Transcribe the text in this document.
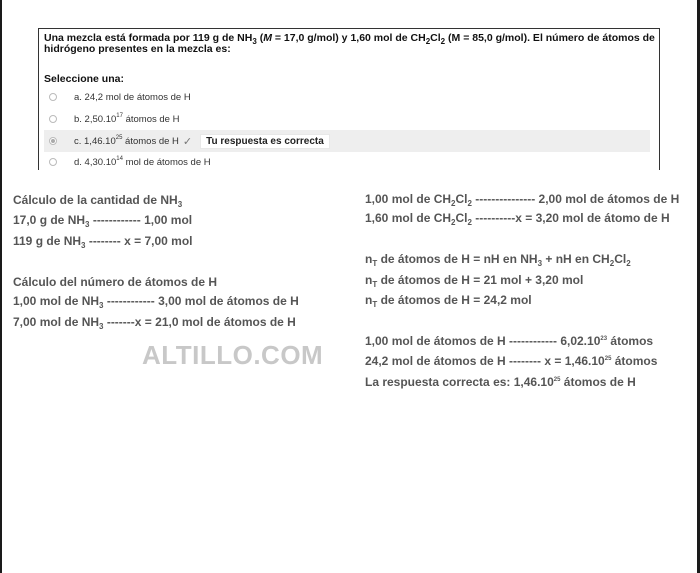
Una mezcla está formada por 119 g de $NH_3$ (M = 17,0 g/mol) y 1,60 mol de $CH_2Cl_2$ (M = 85,0 g/mol). El número de átomos de hidrógeno presentes en la mezcla es:
Seleccione una:
a. 24,2 mol de átomos de H
b. 2,50.10$^{17}$ átomos de H
c. 1,46.10$^{25}$ átomos de H ✓	Tu respuesta es correcta
d. 4,30.10$^{14}$ mol de átomos de H
Cálculo de la cantidad de $NH_3$
17,0 g de $NH_3$ ------------ 1,00 mol
119 g de $NH_3$ -------- x = 7,00 mol
Cálculo del número de átomos de H
1,00 mol de $NH_3$ ------------ 3,00 mol de átomos de H
7,00 mol de $NH_3$ -------x = 21,0 mol de átomos de H
ALTILLO.COM
1,00 mol de $CH_2Cl_2$ --------------- 2,00 mol de átomos de H
1,60 mol de $CH_2Cl_2$ ----------x = 3,20 mol de átomo de H
$n_T$ de átomos de H = nH en $NH_3$ + nH en $CH_2Cl_2$
$n_T$ de átomos de H = 21 mol + 3,20 mol
$n_T$ de átomos de H = 24,2 mol
1,00 mol de átomos de H ------------ 6,02.10$^{23}$ átomos
24,2 mol de átomos de H -------- $x = 1,46.10^{25}$ átomos
La respuesta correcta es: 1,46.10$^{25}$ átomos de H
